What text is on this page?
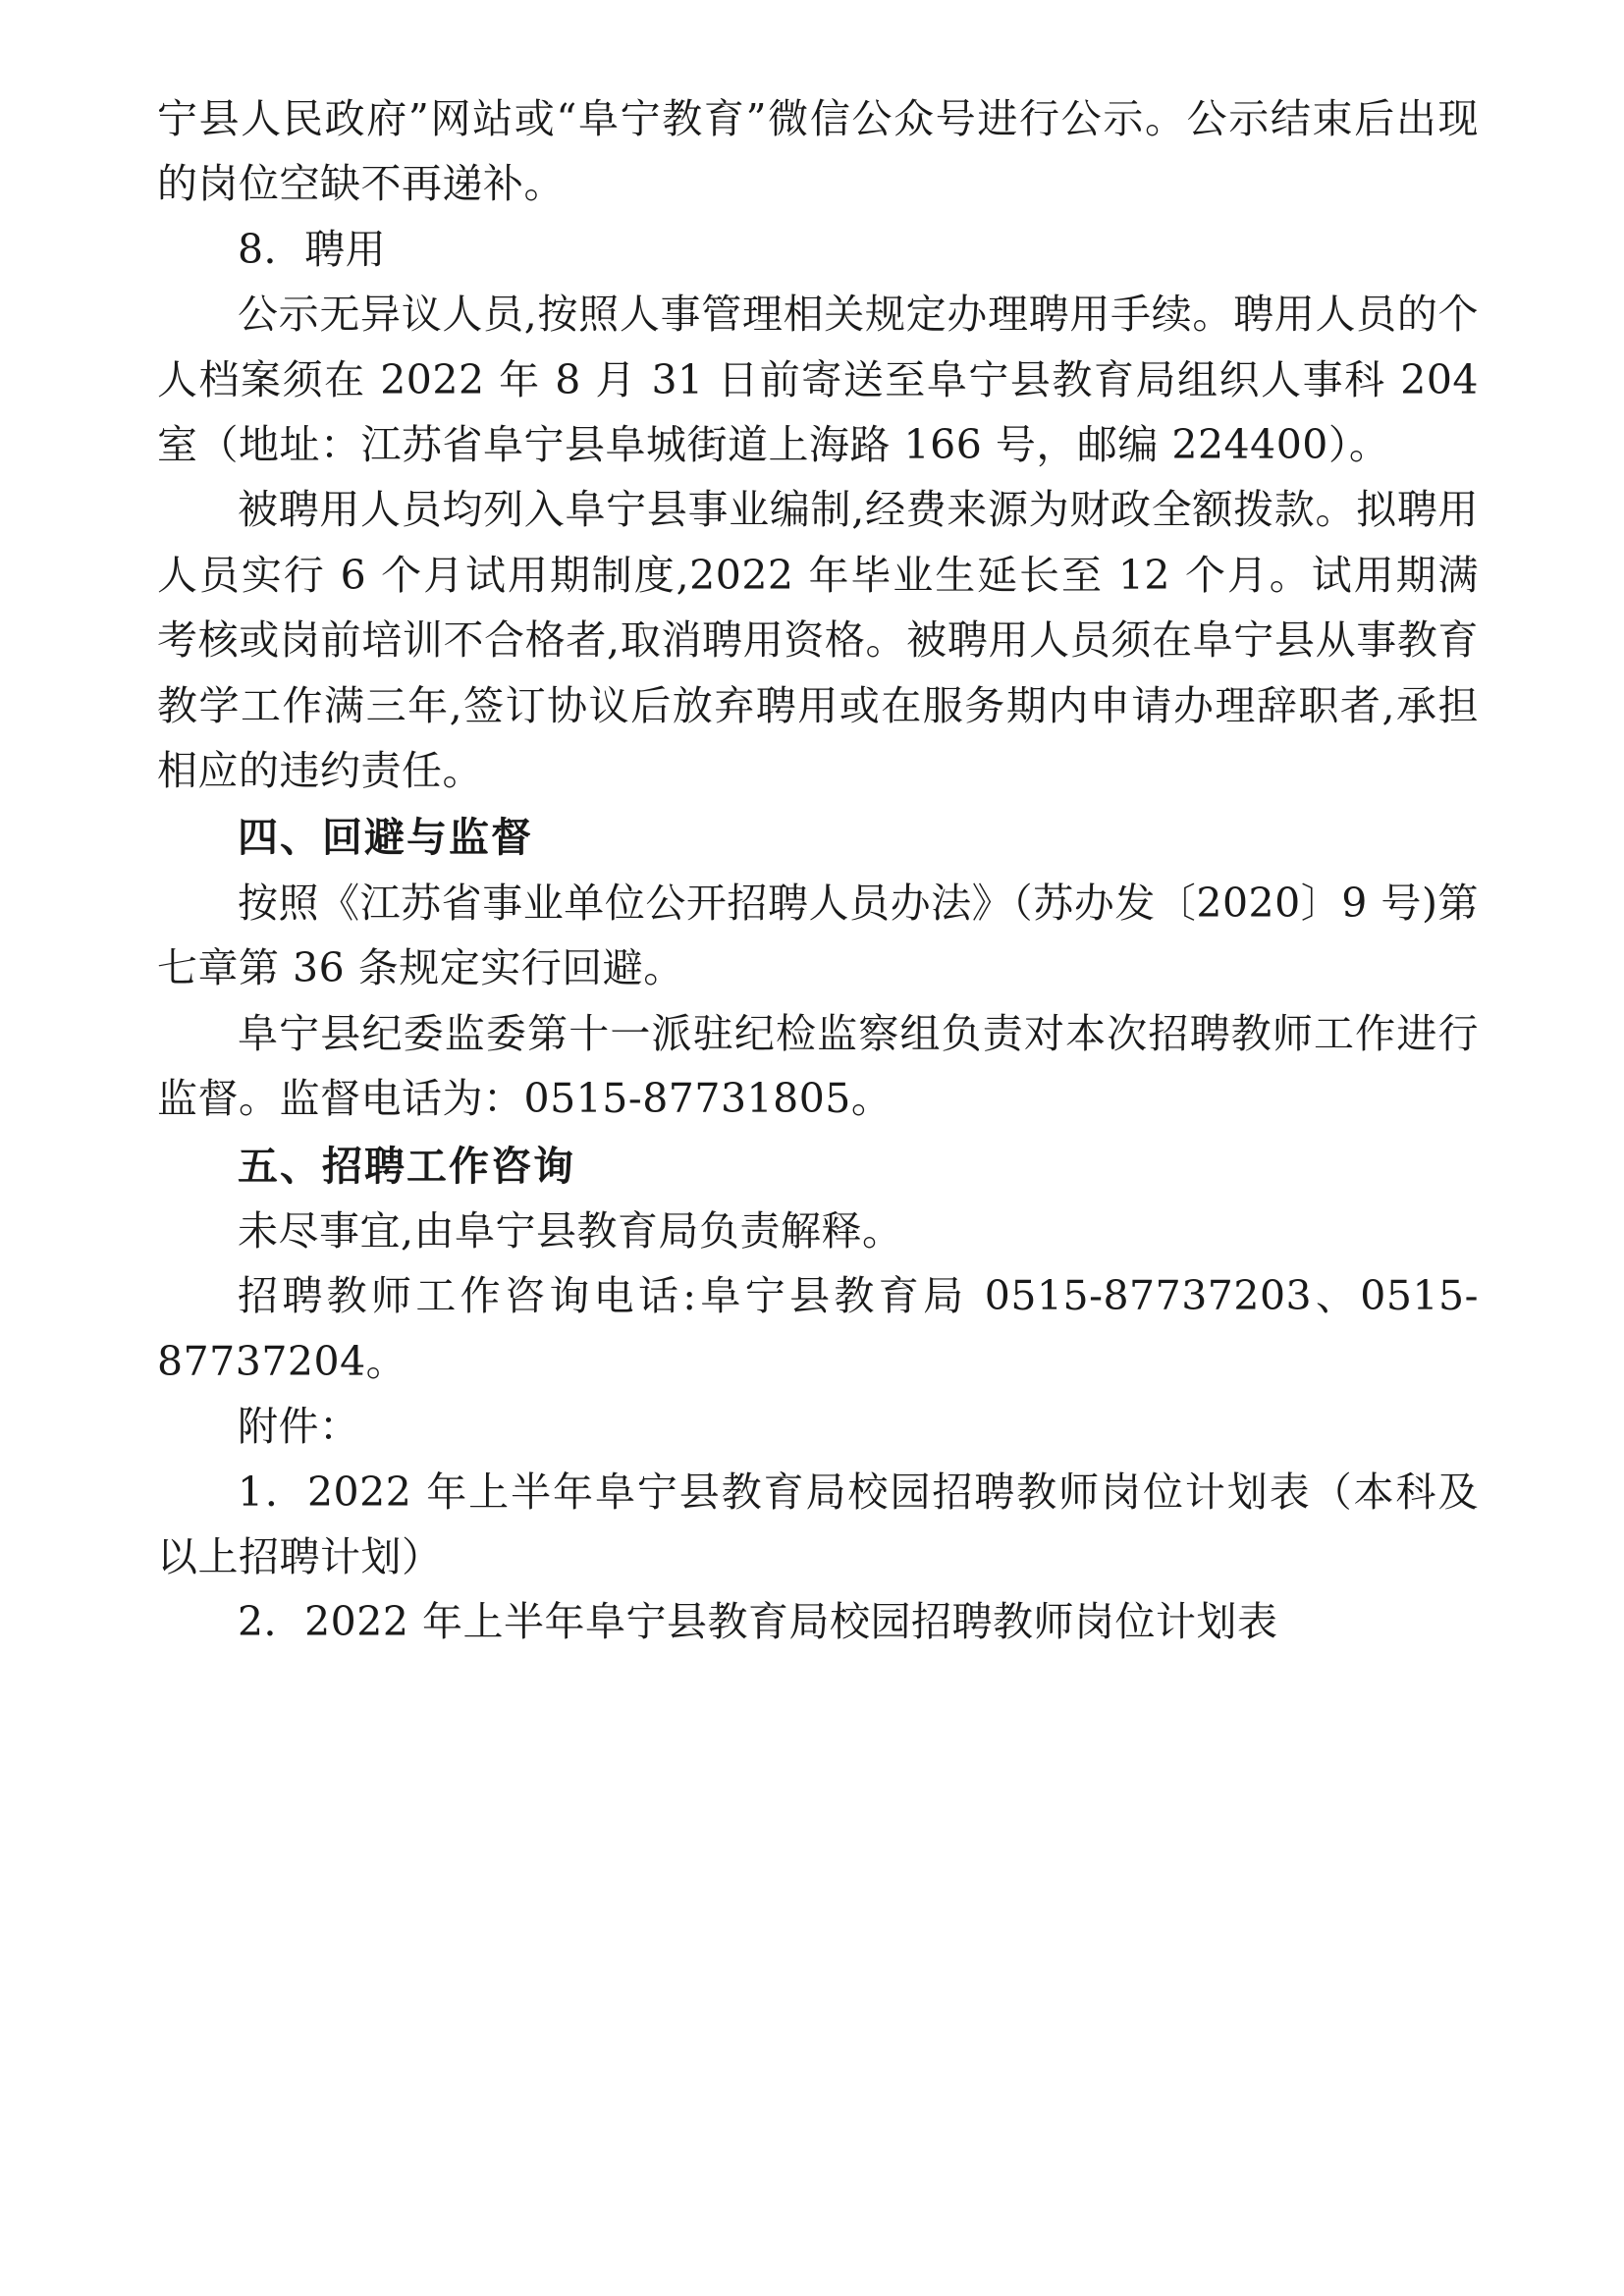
宁县人民政府”网站或“阜宁教育”微信公众号进行公示。公示结束后出现的岗位空缺不再递补。

8．聘用

公示无异议人员,按照人事管理相关规定办理聘用手续。聘用人员的个人档案须在 2022 年 8 月 31 日前寄送至阜宁县教育局组织人事科 204 室（地址：江苏省阜宁县阜城街道上海路 166 号，邮编 224400）。

被聘用人员均列入阜宁县事业编制,经费来源为财政全额拨款。拟聘用人员实行 6 个月试用期制度,2022 年毕业生延长至 12 个月。试用期满考核或岗前培训不合格者,取消聘用资格。被聘用人员须在阜宁县从事教育教学工作满三年,签订协议后放弃聘用或在服务期内申请办理辞职者,承担相应的违约责任。

四、回避与监督

按照《江苏省事业单位公开招聘人员办法》（苏办发〔2020〕9 号)第七章第 36 条规定实行回避。

阜宁县纪委监委第十一派驻纪检监察组负责对本次招聘教师工作进行监督。监督电话为：0515-87731805。

五、招聘工作咨询

未尽事宜,由阜宁县教育局负责解释。

招聘教师工作咨询电话:阜宁县教育局 0515-87737203、0515-87737204。

附件：

1．2022 年上半年阜宁县教育局校园招聘教师岗位计划表（本科及以上招聘计划）

2．2022 年上半年阜宁县教育局校园招聘教师岗位计划表
